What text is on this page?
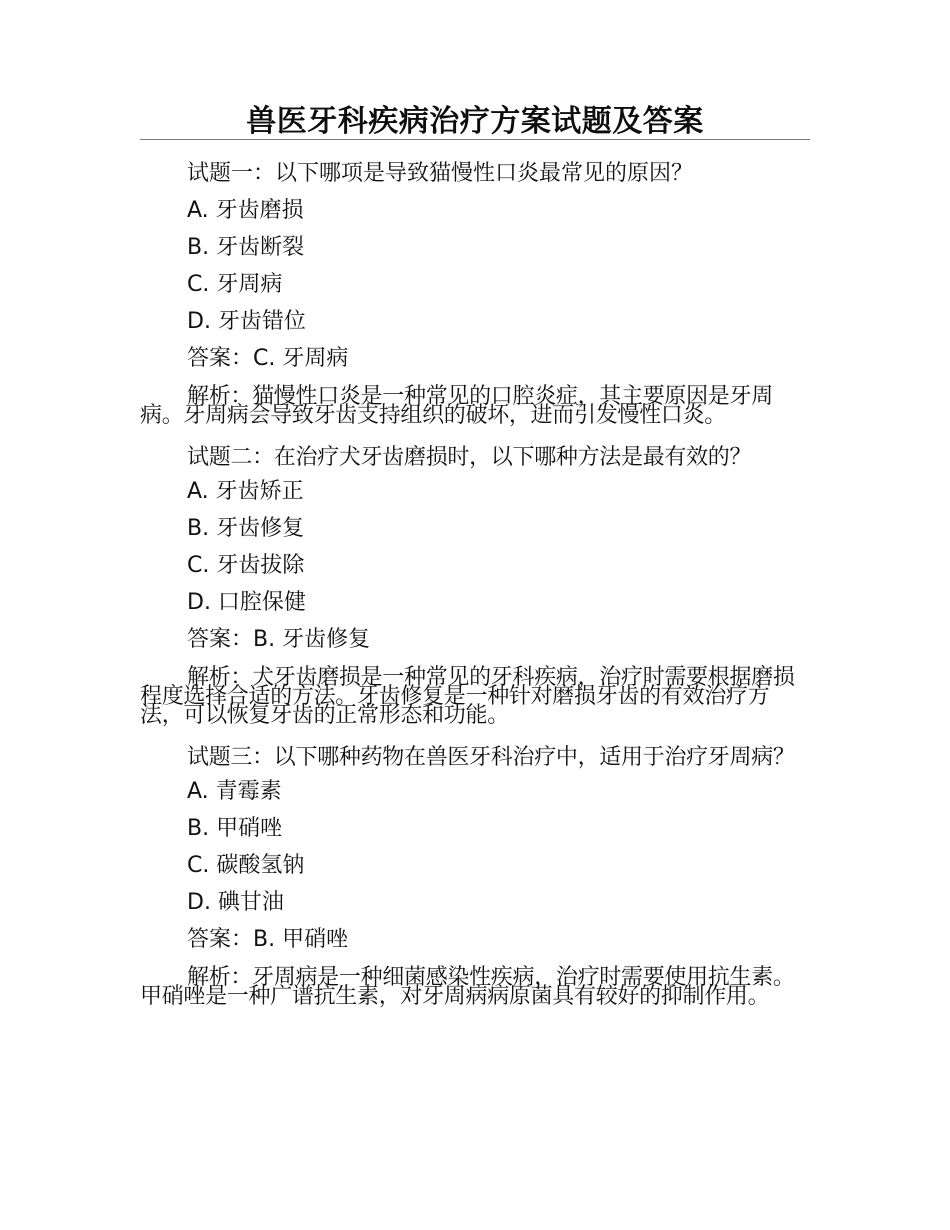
兽医牙科疾病治疗方案试题及答案
试题一：以下哪项是导致猫慢性口炎最常见的原因？
A. 牙齿磨损
B. 牙齿断裂
C. 牙周病
D. 牙齿错位
答案：C. 牙周病
解析：猫慢性口炎是一种常见的口腔炎症，其主要原因是牙周病。牙周病会导致牙齿支持组织的破坏，进而引发慢性口炎。
试题二：在治疗犬牙齿磨损时，以下哪种方法是最有效的？
A. 牙齿矫正
B. 牙齿修复
C. 牙齿拔除
D. 口腔保健
答案：B. 牙齿修复
解析：犬牙齿磨损是一种常见的牙科疾病，治疗时需要根据磨损程度选择合适的方法。牙齿修复是一种针对磨损牙齿的有效治疗方法，可以恢复牙齿的正常形态和功能。
试题三：以下哪种药物在兽医牙科治疗中，适用于治疗牙周病？
A. 青霉素
B. 甲硝唑
C. 碳酸氢钠
D. 碘甘油
答案：B. 甲硝唑
解析：牙周病是一种细菌感染性疾病，治疗时需要使用抗生素。甲硝唑是一种广谱抗生素，对牙周病病原菌具有较好的抑制作用。
